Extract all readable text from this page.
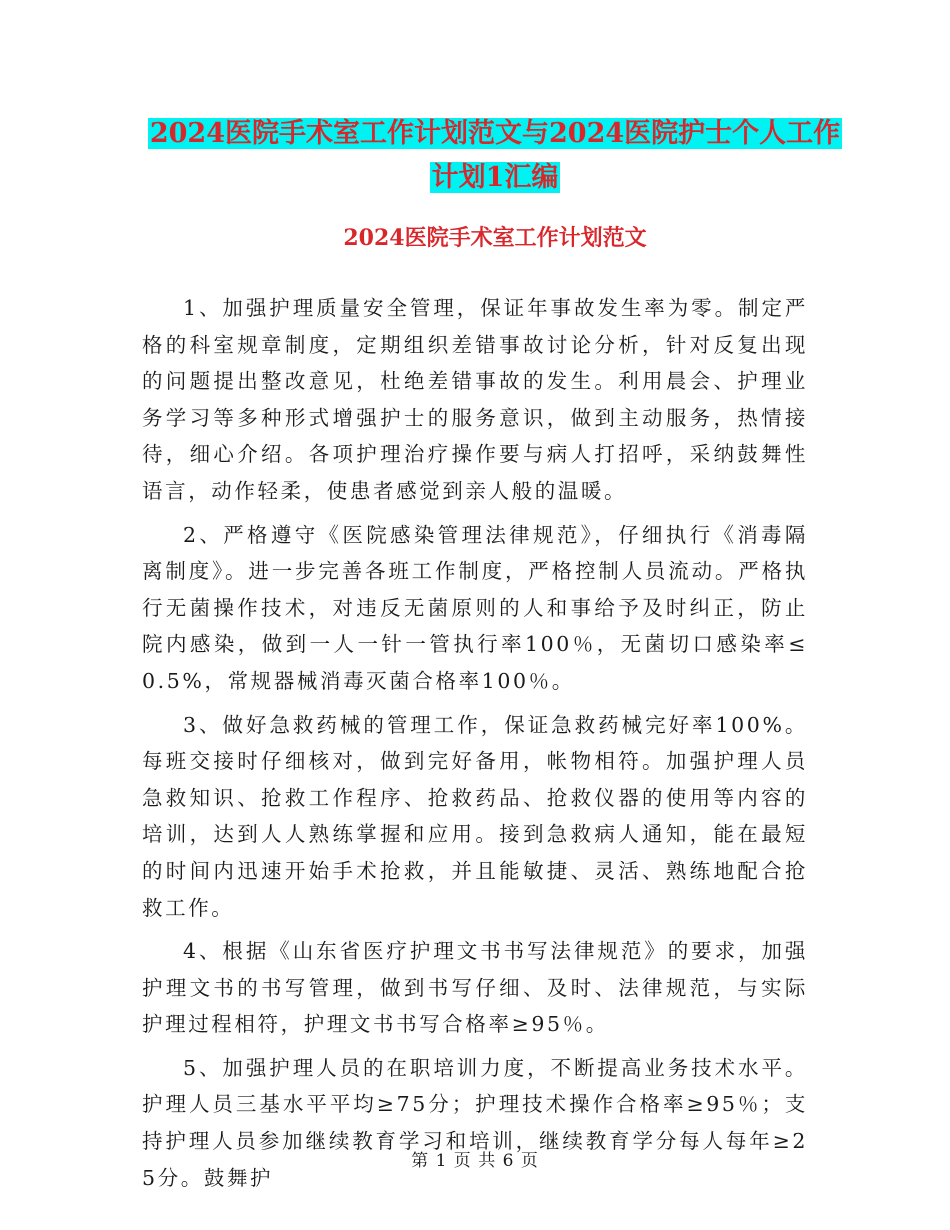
2024医院手术室工作计划范文与2024医院护士个人工作计划1汇编
2024医院手术室工作计划范文

1、加强护理质量安全管理，保证年事故发生率为零。制定严格的科室规章制度，定期组织差错事故讨论分析，针对反复出现的问题提出整改意见，杜绝差错事故的发生。利用晨会、护理业务学习等多种形式增强护士的服务意识，做到主动服务，热情接待，细心介绍。各项护理治疗操作要与病人打招呼，采纳鼓舞性语言，动作轻柔，使患者感觉到亲人般的温暖。

2、严格遵守《医院感染管理法律规范》，仔细执行《消毒隔离制度》。进一步完善各班工作制度，严格控制人员流动。严格执行无菌操作技术，对违反无菌原则的人和事给予及时纠正，防止院内感染，做到一人一针一管执行率100％，无菌切口感染率≤0.5%，常规器械消毒灭菌合格率100％。

3、做好急救药械的管理工作，保证急救药械完好率100%。每班交接时仔细核对，做到完好备用，帐物相符。加强护理人员急救知识、抢救工作程序、抢救药品、抢救仪器的使用等内容的培训，达到人人熟练掌握和应用。接到急救病人通知，能在最短的时间内迅速开始手术抢救，并且能敏捷、灵活、熟练地配合抢救工作。

4、根据《山东省医疗护理文书书写法律规范》的要求，加强护理文书的书写管理，做到书写仔细、及时、法律规范，与实际护理过程相符，护理文书书写合格率≥95％。

5、加强护理人员的在职培训力度，不断提高业务技术水平。护理人员三基水平平均≥75分；护理技术操作合格率≥95％；支持护理人员参加继续教育学习和培训，继续教育学分每人每年≥25分。鼓舞护

第 1 页 共 6 页
